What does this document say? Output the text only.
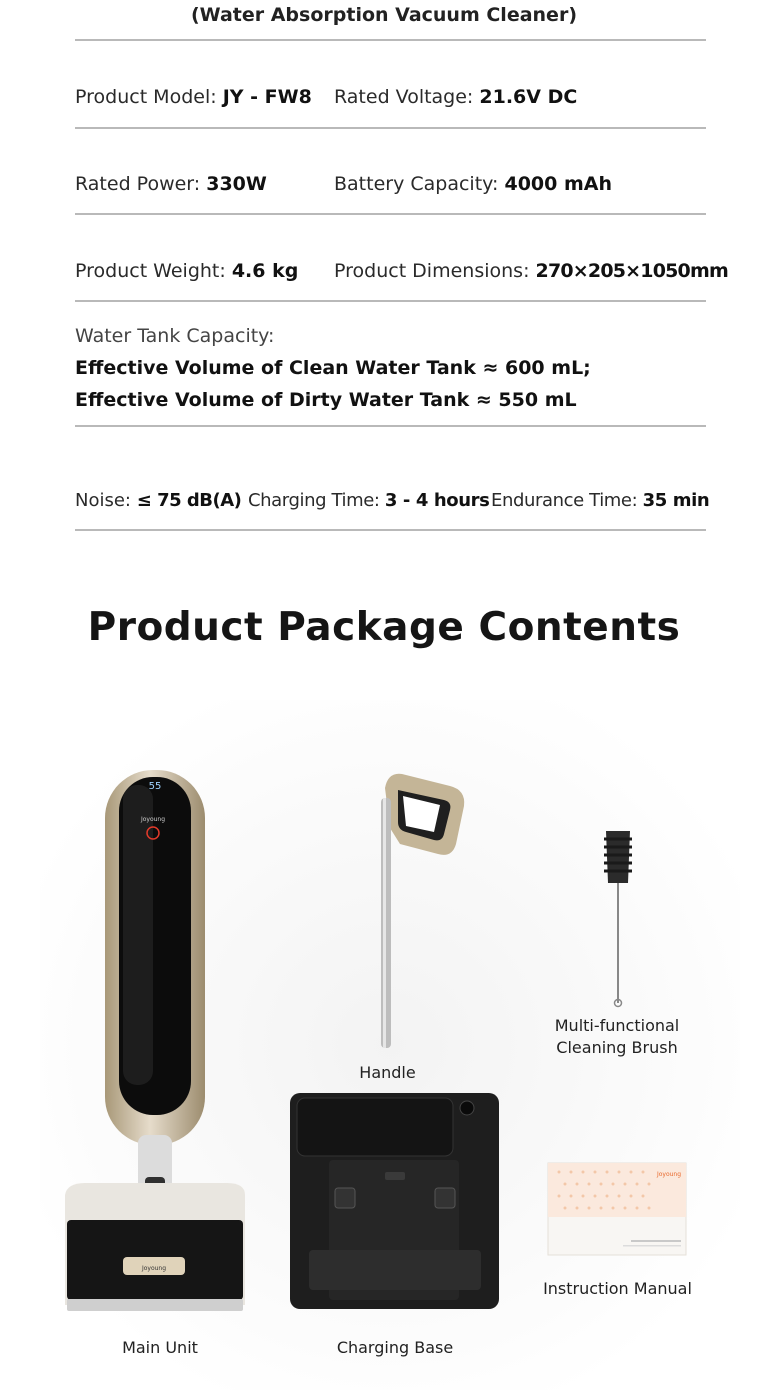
(Water Absorption Vacuum Cleaner)
Product Model: JY - FW8 Rated Voltage: 21.6V DC
Rated Power: 330W	Battery Capacity: 4000 mAh
Product Weight: 4.6 kg Product Dimensions: 270×205×1050mm
Water Tank Capacity:
Effective Volume of Clean Water Tank ≈ 600 mL;
Effective Volume of Dirty Water Tank ≈ 550 mL
Noise: ≤ 75 dB(A) Charging Time: 3 - 4 hours Endurance Time: 35 min
Product Package Contents
55
Joyoung
Joyoung
Joyoung
Multi-functional Cleaning Brush
Handle
Instruction Manual
Main Unit	Charging Base
